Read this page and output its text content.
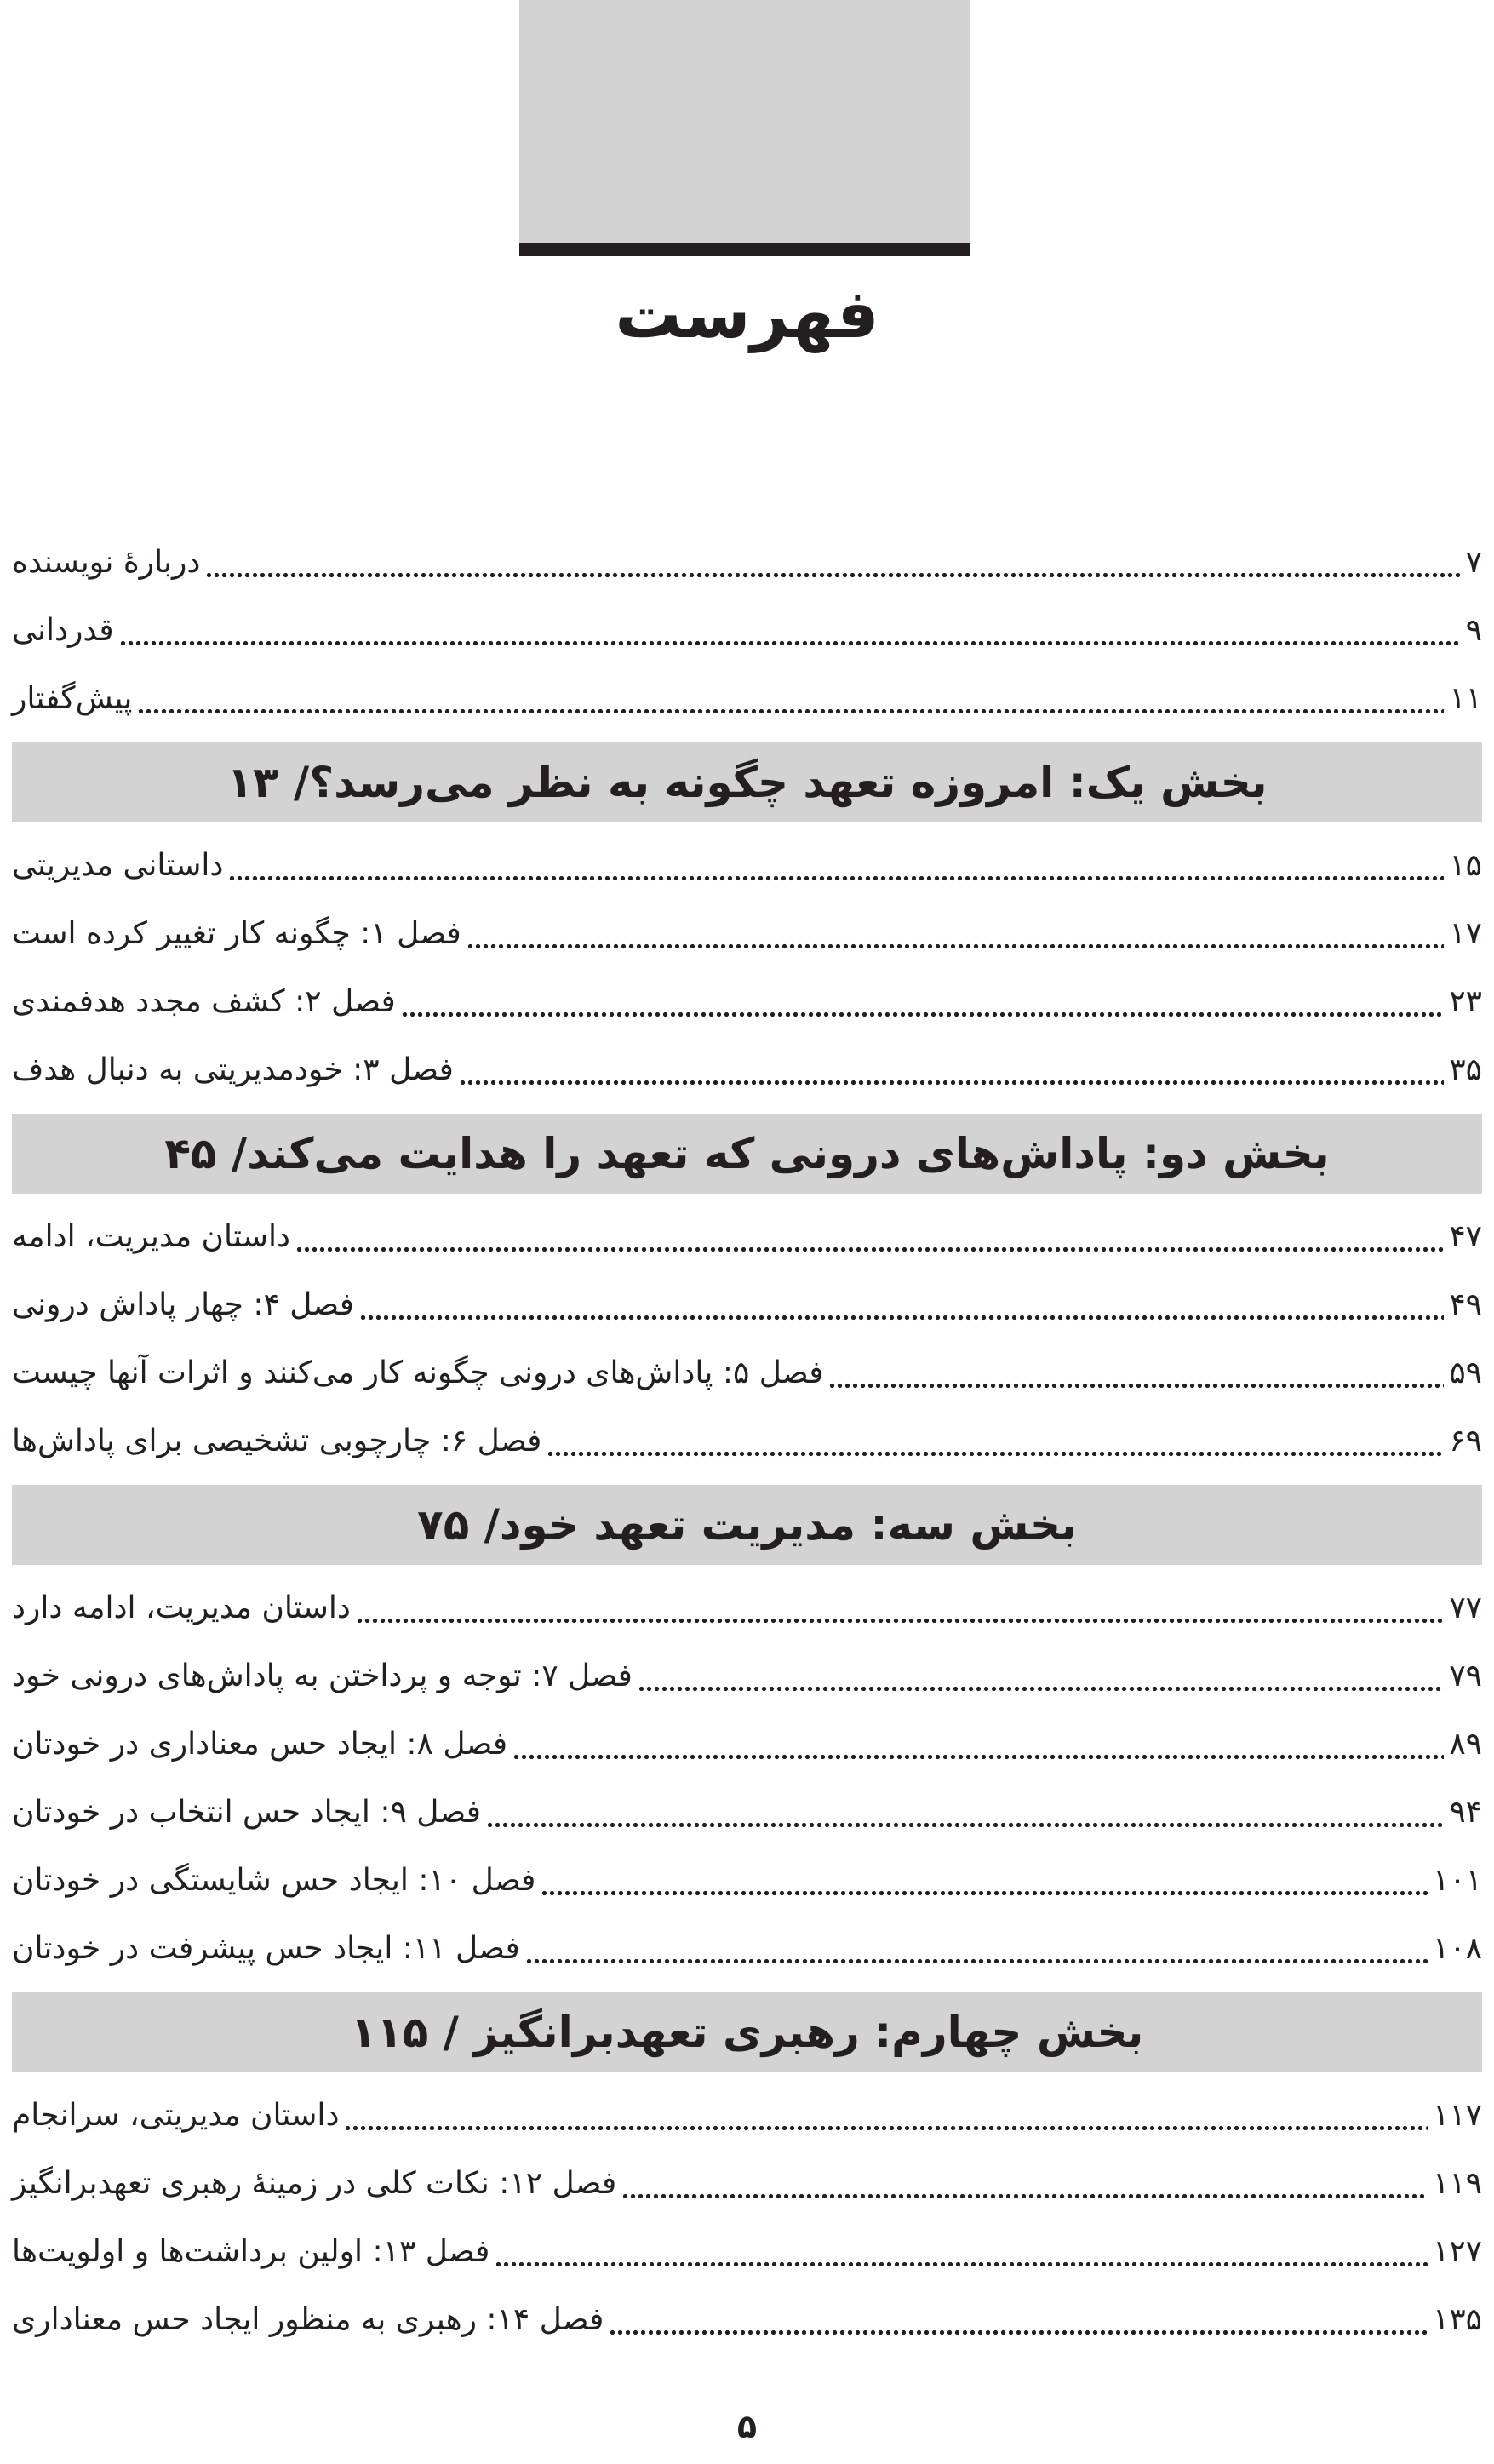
فهرست
دربارۀ نویسنده	۷
قدردانی	۹
پیش‌گفتار	۱۱
بخش یک: امروزه تعهد چگونه به نظر می‌رسد؟/ ۱۳
داستانی مدیریتی	۱۵
فصل ۱: چگونه کار تغییر کرده است	۱۷
فصل ۲: کشف مجدد هدفمندی	۲۳
فصل ۳: خودمدیریتی به دنبال هدف	۳۵
بخش دو: پاداش‌های درونی که تعهد را هدایت می‌کند/ ۴۵
داستان مدیریت، ادامه	۴۷
فصل ۴: چهار پاداش درونی	۴۹
فصل ۵: پاداش‌های درونی چگونه کار می‌کنند و اثرات آنها چیست	۵۹
فصل ۶: چارچوبی تشخیصی برای پاداش‌ها	۶۹
بخش سه: مدیریت تعهد خود/ ۷۵
داستان مدیریت، ادامه دارد	۷۷
فصل ۷: توجه و پرداختن به پاداش‌های درونی خود	۷۹
فصل ۸: ایجاد حس معناداری در خودتان	۸۹
فصل ۹: ایجاد حس انتخاب در خودتان	۹۴
فصل ۱۰: ایجاد حس شایستگی در خودتان	۱۰۱
فصل ۱۱: ایجاد حس پیشرفت در خودتان	۱۰۸
بخش چهارم: رهبری تعهدبرانگیز / ۱۱۵
داستان مدیریتی، سرانجام	۱۱۷
فصل ۱۲: نکات کلی در زمینۀ رهبری تعهدبرانگیز	۱۱۹
فصل ۱۳: اولین برداشت‌ها و اولویت‌ها	۱۲۷
فصل ۱۴: رهبری به منظور ایجاد حس معناداری	۱۳۵
۵
